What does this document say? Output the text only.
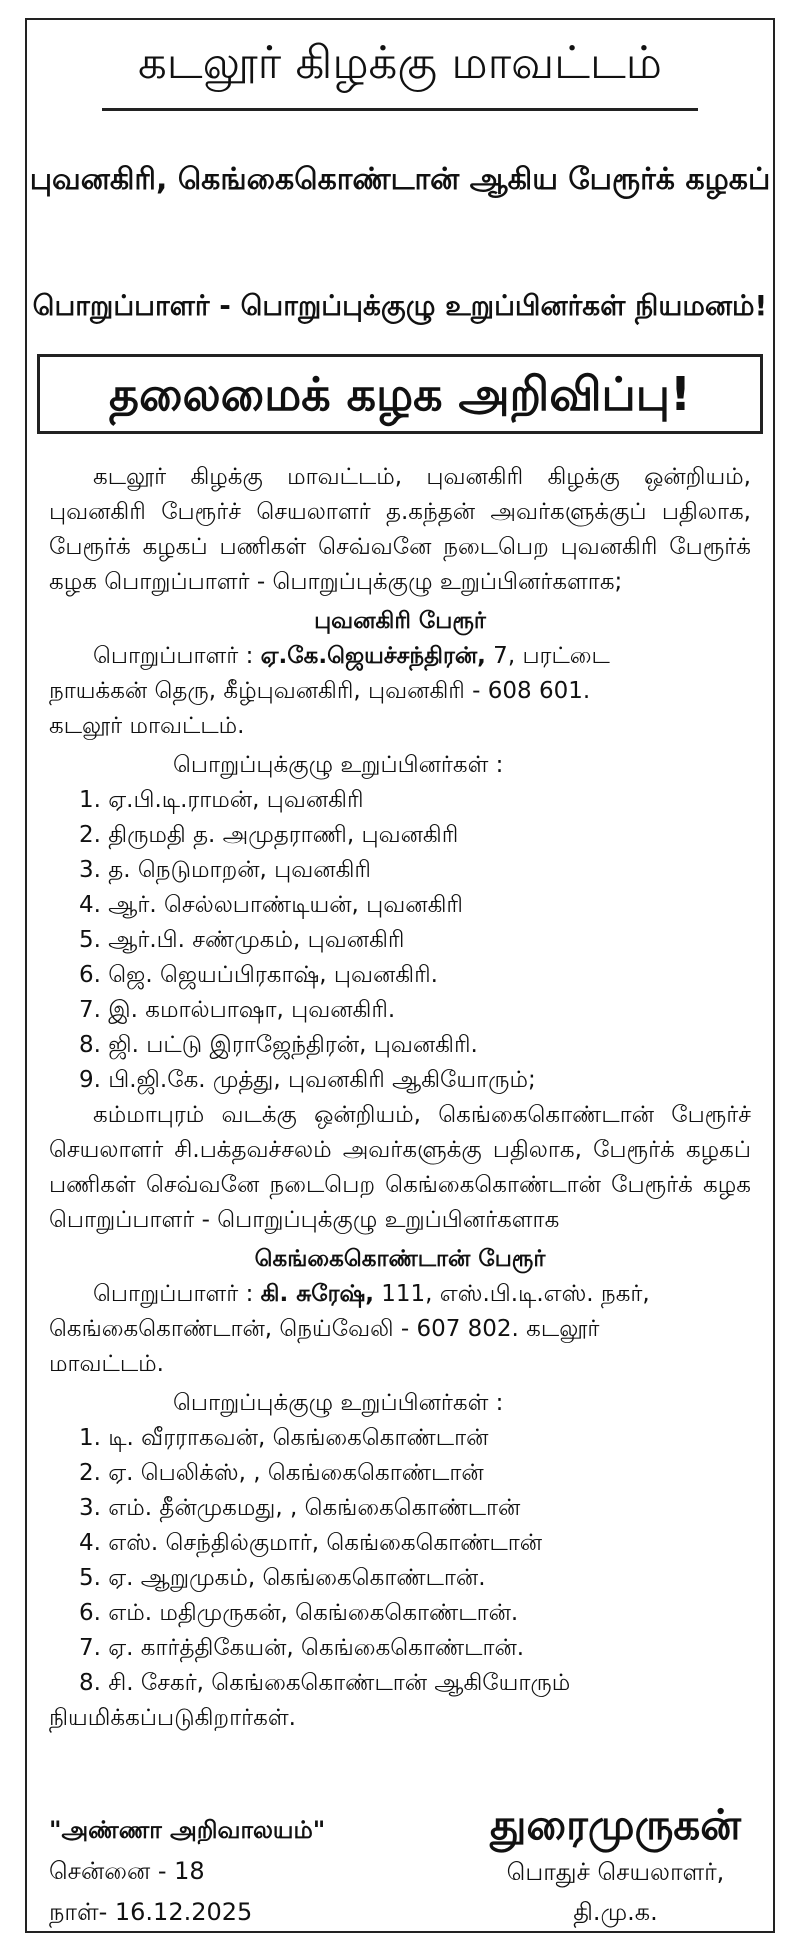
கடலூர் கிழக்கு மாவட்டம்
புவனகிரி, கெங்கைகொண்டான் ஆகிய பேரூர்க் கழகப்
பொறுப்பாளர் - பொறுப்புக்குழு உறுப்பினர்கள் நியமனம்!
தலைமைக் கழக அறிவிப்பு!

கடலூர் கிழக்கு மாவட்டம், புவனகிரி கிழக்கு ஒன்றியம், புவனகிரி பேரூர்ச் செயலாளர் த.கந்தன் அவர்களுக்குப் பதிலாக, பேரூர்க் கழகப் பணிகள் செவ்வனே நடைபெற புவனகிரி பேரூர்க் கழக பொறுப்பாளர் - பொறுப்புக்குழு உறுப்பினர்களாக;

புவனகிரி பேரூர்

பொறுப்பாளர் : ஏ.கே.ஜெயச்சந்திரன், 7, பரட்டை

நாயக்கன் தெரு, கீழ்புவனகிரி, புவனகிரி - 608 601.

கடலூர் மாவட்டம்.

பொறுப்புக்குழு உறுப்பினர்கள் :

1. ஏ.பி.டி.ராமன், புவனகிரி

2. திருமதி த. அமுதராணி, புவனகிரி

3. த. நெடுமாறன், புவனகிரி

4. ஆர். செல்லபாண்டியன், புவனகிரி

5. ஆர்.பி. சண்முகம், புவனகிரி

6. ஜெ. ஜெயப்பிரகாஷ், புவனகிரி.

7. இ. கமால்பாஷா, புவனகிரி.

8. ஜி. பட்டு இராஜேந்திரன், புவனகிரி.

9. பி.ஜி.கே. முத்து, புவனகிரி ஆகியோரும்;

கம்மாபுரம் வடக்கு ஒன்றியம், கெங்கைகொண்டான் பேரூர்ச் செயலாளர் சி.பக்தவச்சலம் அவர்களுக்கு பதிலாக, பேரூர்க் கழகப் பணிகள் செவ்வனே நடைபெற கெங்கைகொண்டான் பேரூர்க் கழக பொறுப்பாளர் - பொறுப்புக்குழு உறுப்பினர்களாக

கெங்கைகொண்டான் பேரூர்

பொறுப்பாளர் : கி. சுரேஷ், 111, எஸ்.பி.டி.எஸ். நகர்,

கெங்கைகொண்டான், நெய்வேலி - 607 802. கடலூர்

மாவட்டம்.

பொறுப்புக்குழு உறுப்பினர்கள் :

1. டி. வீரராகவன், கெங்கைகொண்டான்

2. ஏ. பெலிக்ஸ், , கெங்கைகொண்டான்

3. எம். தீன்முகமது, , கெங்கைகொண்டான்

4. எஸ். செந்தில்குமார், கெங்கைகொண்டான்

5. ஏ. ஆறுமுகம், கெங்கைகொண்டான்.

6. எம். மதிமுருகன், கெங்கைகொண்டான்.

7. ஏ. கார்த்திகேயன், கெங்கைகொண்டான்.

8. சி. சேகர், கெங்கைகொண்டான் ஆகியோரும்

நியமிக்கப்படுகிறார்கள்.

"அண்ணா அறிவாலயம்"
சென்னை - 18
நாள்- 16.12.2025
துரைமுருகன்
பொதுச் செயலாளர்,
தி.மு.க.
